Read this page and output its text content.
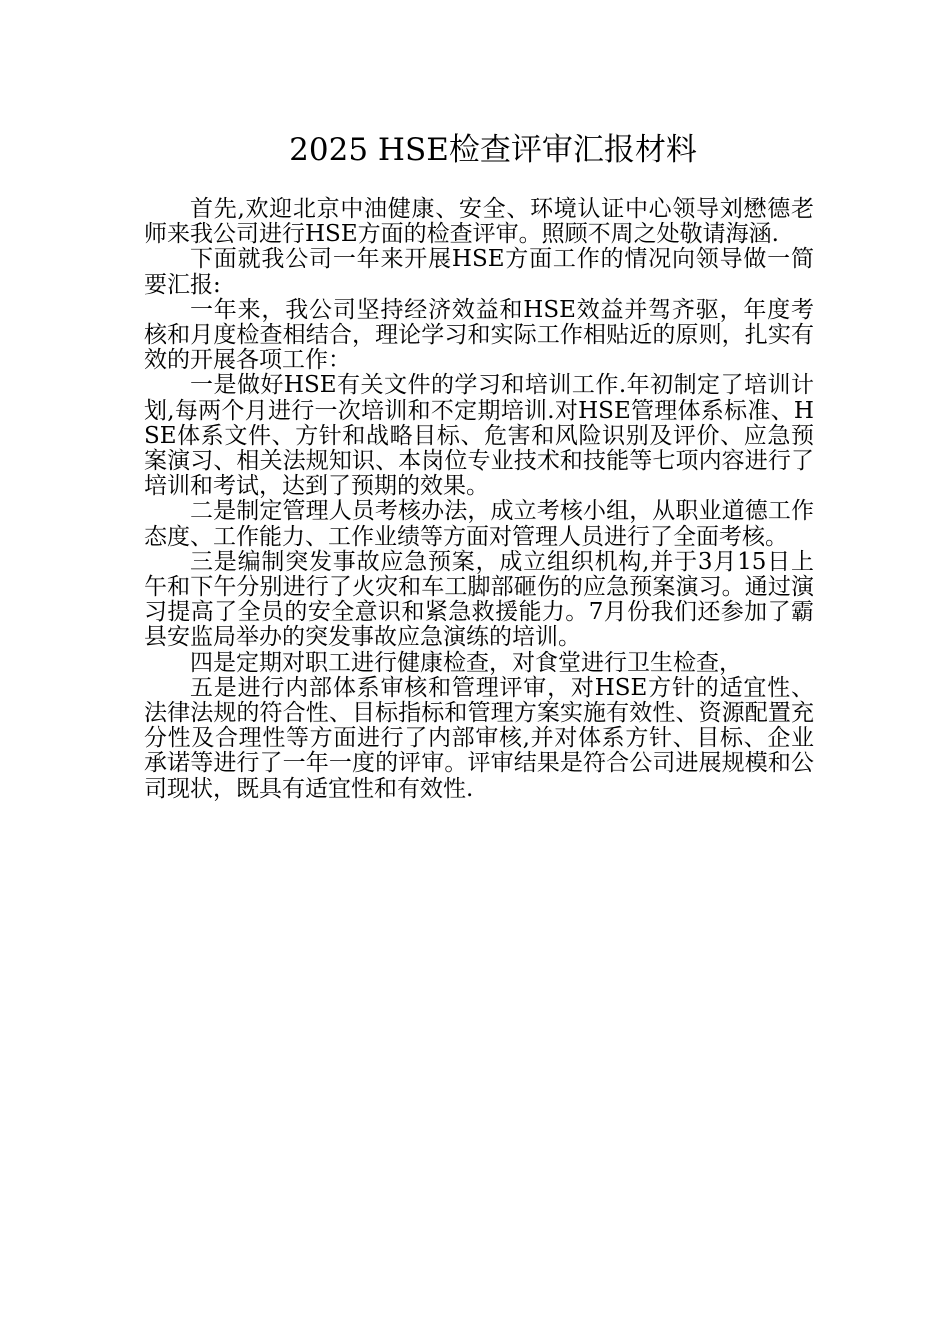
2025 HSE检查评审汇报材料

首先,欢迎北京中油健康、安全、环境认证中心领导刘懋德老师来我公司进行HSE方面的检查评审。照顾不周之处敬请海涵.

下面就我公司一年来开展HSE方面工作的情况向领导做一简要汇报:

一年来，我公司坚持经济效益和HSE效益并驾齐驱，年度考核和月度检查相结合，理论学习和实际工作相贴近的原则，扎实有效的开展各项工作：

一是做好HSE有关文件的学习和培训工作.年初制定了培训计划,每两个月进行一次培训和不定期培训.对HSE管理体系标准、HSE体系文件、方针和战略目标、危害和风险识别及评价、应急预案演习、相关法规知识、本岗位专业技术和技能等七项内容进行了培训和考试，达到了预期的效果。

二是制定管理人员考核办法，成立考核小组，从职业道德工作态度、工作能力、工作业绩等方面对管理人员进行了全面考核。

三是编制突发事故应急预案，成立组织机构,并于3月15日上午和下午分别进行了火灾和车工脚部砸伤的应急预案演习。通过演习提高了全员的安全意识和紧急救援能力。7月份我们还参加了霸县安监局举办的突发事故应急演练的培训。

四是定期对职工进行健康检查，对食堂进行卫生检查，

五是进行内部体系审核和管理评审，对HSE方针的适宜性、法律法规的符合性、目标指标和管理方案实施有效性、资源配置充分性及合理性等方面进行了内部审核,并对体系方针、目标、企业承诺等进行了一年一度的评审。评审结果是符合公司进展规模和公司现状，既具有适宜性和有效性.
